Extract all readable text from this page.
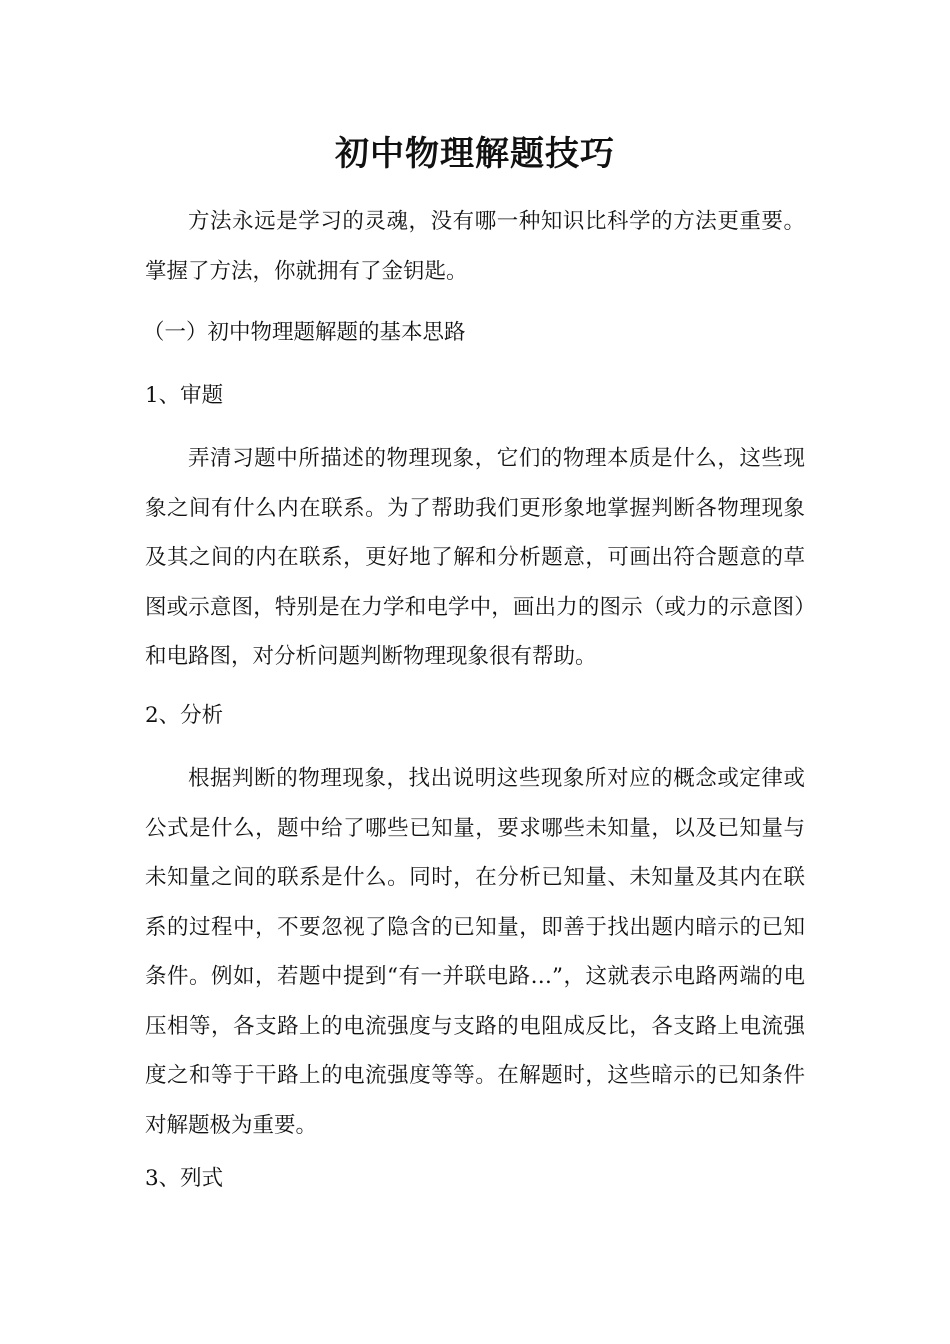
初中物理解题技巧

方法永远是学习的灵魂，没有哪一种知识比科学的方法更重要。掌握了方法，你就拥有了金钥匙。

（一）初中物理题解题的基本思路

1、审题

弄清习题中所描述的物理现象，它们的物理本质是什么，这些现象之间有什么内在联系。为了帮助我们更形象地掌握判断各物理现象及其之间的内在联系，更好地了解和分析题意，可画出符合题意的草图或示意图，特别是在力学和电学中，画出力的图示（或力的示意图）和电路图，对分析问题判断物理现象很有帮助。

2、分析

根据判断的物理现象，找出说明这些现象所对应的概念或定律或公式是什么，题中给了哪些已知量，要求哪些未知量，以及已知量与未知量之间的联系是什么。同时，在分析已知量、未知量及其内在联系的过程中，不要忽视了隐含的已知量，即善于找出题内暗示的已知条件。例如，若题中提到“有一并联电路…”，这就表示电路两端的电压相等，各支路上的电流强度与支路的电阻成反比，各支路上电流强度之和等于干路上的电流强度等等。在解题时，这些暗示的已知条件对解题极为重要。

3、列式
